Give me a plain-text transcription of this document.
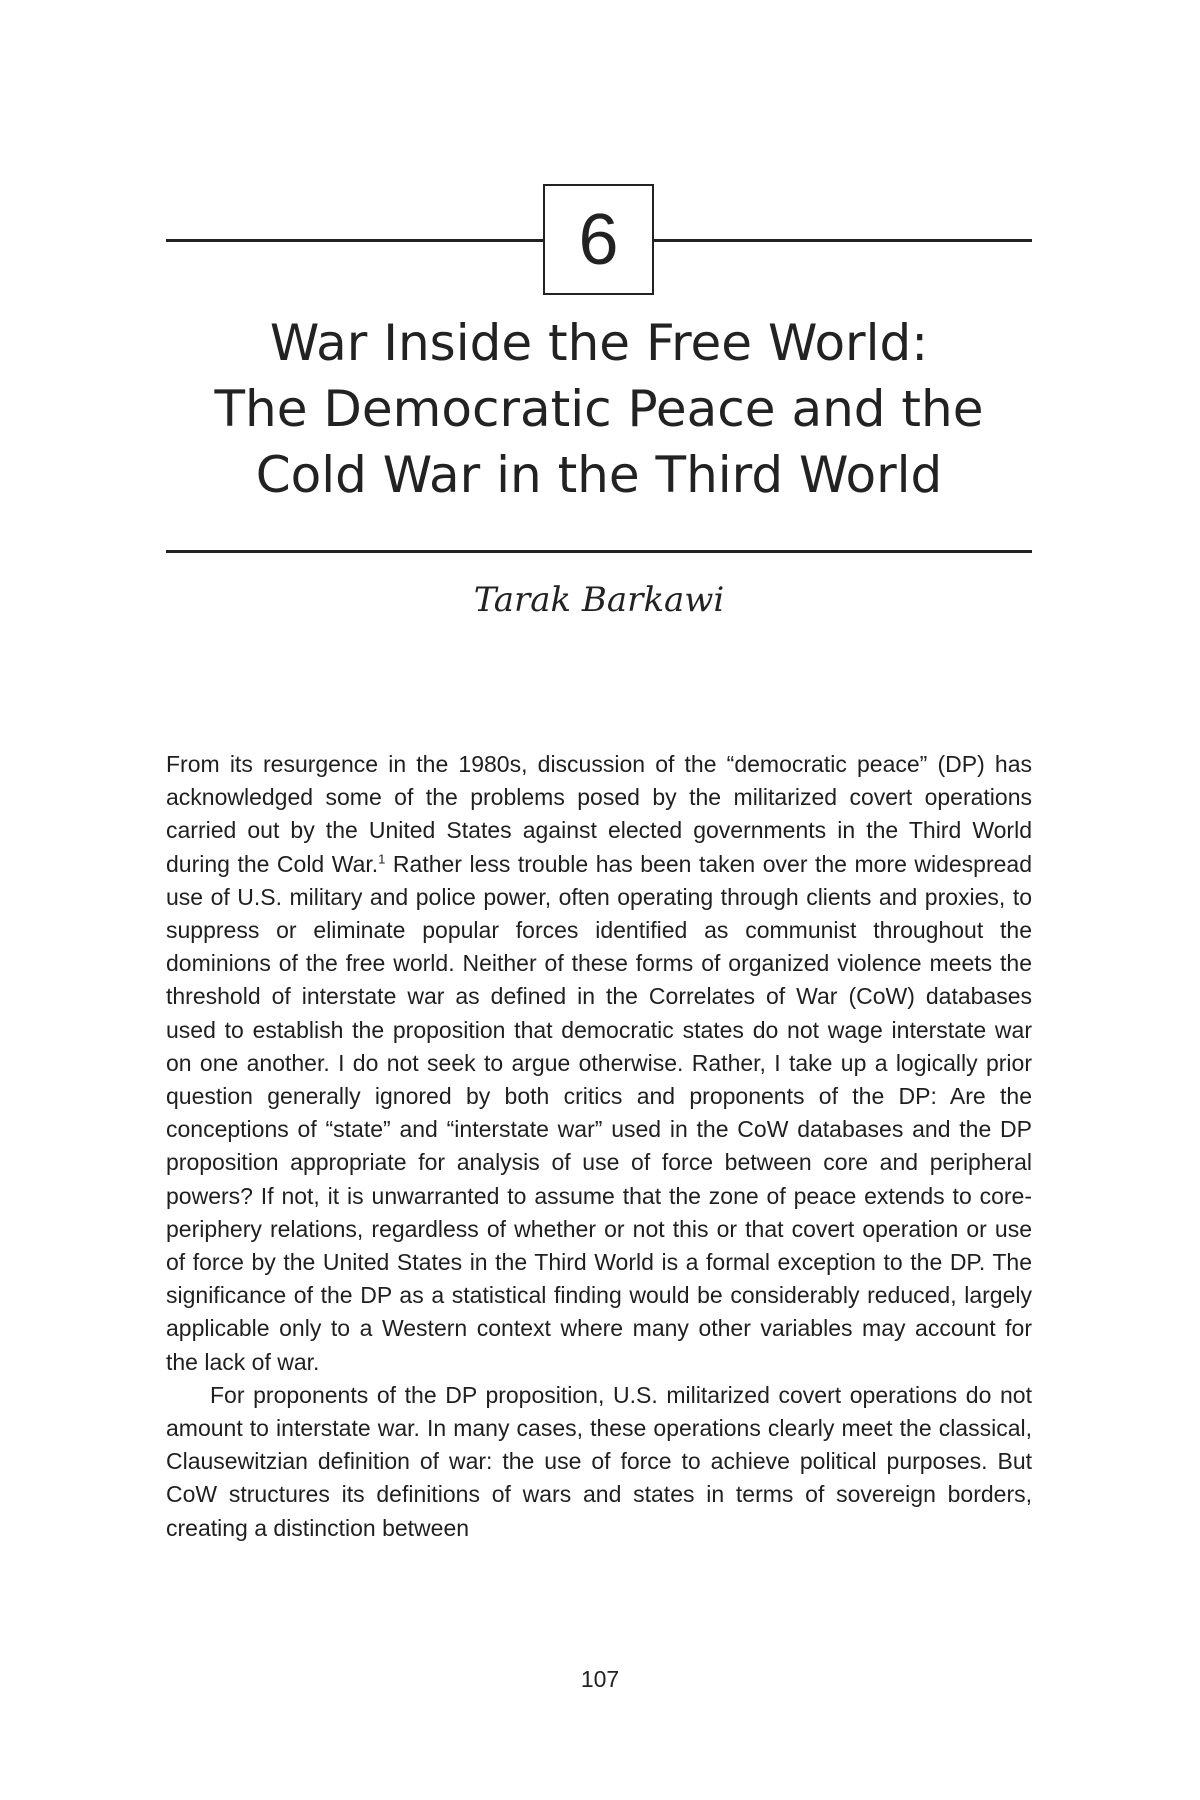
6
War Inside the Free World:
The Democratic Peace and the
Cold War in the Third World
Tarak Barkawi

From its resurgence in the 1980s, discussion of the “democratic peace” (DP) has acknowledged some of the problems posed by the militarized covert operations carried out by the United States against elected governments in the Third World during the Cold War.$^1$ Rather less trouble has been taken over the more widespread use of U.S. military and police power, often operating through clients and proxies, to suppress or eliminate popular forces identified as communist throughout the dominions of the free world. Neither of these forms of organized violence meets the threshold of interstate war as defined in the Correlates of War (CoW) databases used to establish the proposition that democratic states do not wage interstate war on one another. I do not seek to argue otherwise. Rather, I take up a logically prior question generally ignored by both critics and proponents of the DP: Are the conceptions of “state” and “interstate war” used in the CoW databases and the DP proposition appropriate for analysis of use of force between core and peripheral powers? If not, it is unwarranted to assume that the zone of peace extends to core-periphery relations, regardless of whether or not this or that covert operation or use of force by the United States in the Third World is a formal exception to the DP. The significance of the DP as a statistical finding would be considerably reduced, largely applicable only to a Western context where many other variables may account for the lack of war.

For proponents of the DP proposition, U.S. militarized covert operations do not amount to interstate war. In many cases, these operations clearly meet the classical, Clausewitzian definition of war: the use of force to achieve political purposes. But CoW structures its definitions of wars and states in terms of sovereign borders, creating a distinction between

107
